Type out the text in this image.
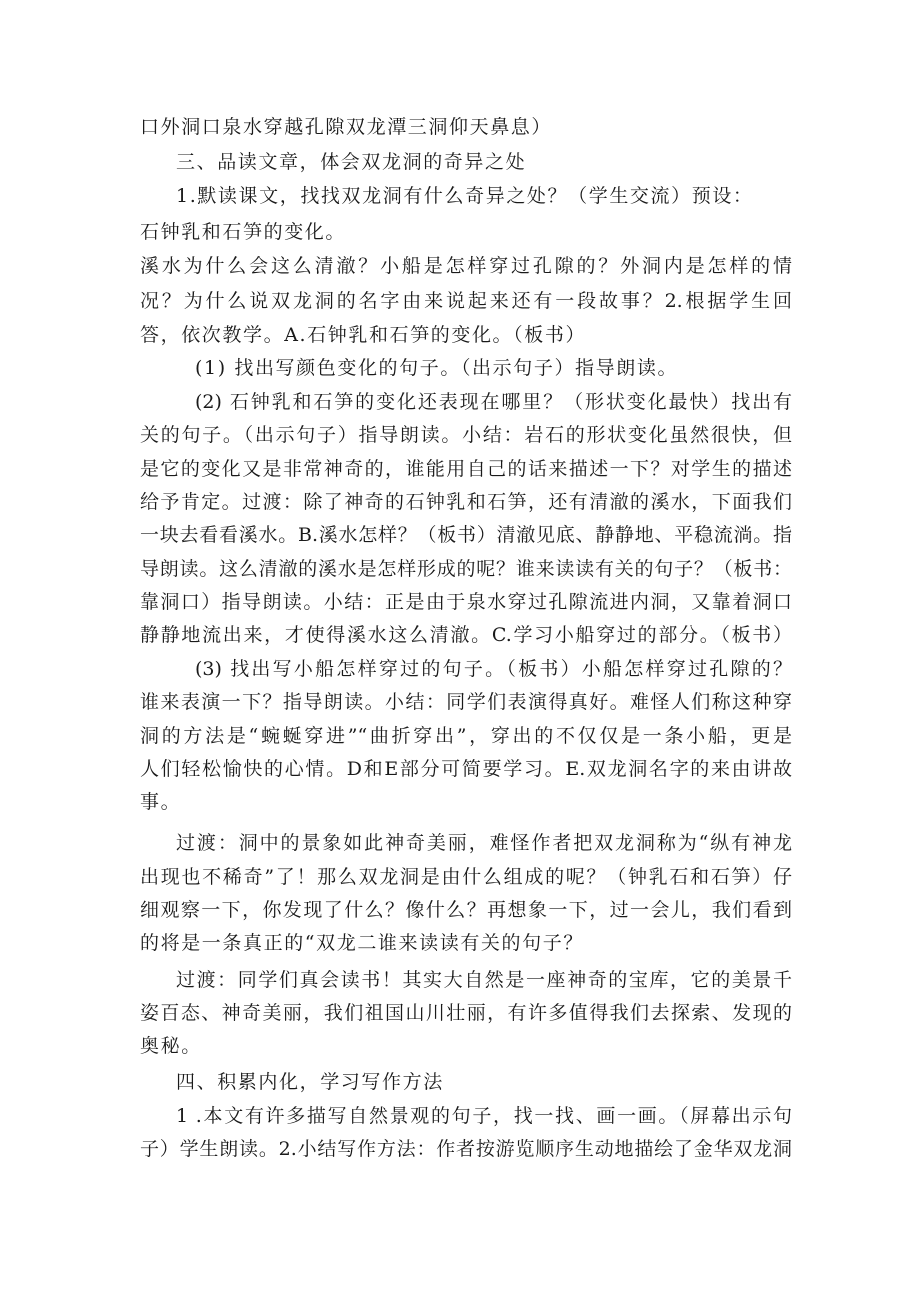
口外洞口泉水穿越孔隙双龙潭三洞仰天鼻息）
三、品读文章，体会双龙洞的奇异之处
1.默读课文，找找双龙洞有什么奇异之处？（学生交流）预设：
石钟乳和石笋的变化。
溪水为什么会这么清澈？小船是怎样穿过孔隙的？外洞内是怎样的情
况？为什么说双龙洞的名字由来说起来还有一段故事？2.根据学生回
答，依次教学。A.石钟乳和石笋的变化。（板书）
(1) 找出写颜色变化的句子。（出示句子）指导朗读。
(2) 石钟乳和石笋的变化还表现在哪里？（形状变化最快）找出有
关的句子。（出示句子）指导朗读。小结：岩石的形状变化虽然很快，但
是它的变化又是非常神奇的，谁能用自己的话来描述一下？对学生的描述
给予肯定。过渡：除了神奇的石钟乳和石笋，还有清澈的溪水，下面我们
一块去看看溪水。B.溪水怎样？（板书）清澈见底、静静地、平稳流淌。指
导朗读。这么清澈的溪水是怎样形成的呢？谁来读读有关的句子？（板书：
靠洞口）指导朗读。小结：正是由于泉水穿过孔隙流进内洞，又靠着洞口
静静地流出来，才使得溪水这么清澈。C.学习小船穿过的部分。（板书）
(3) 找出写小船怎样穿过的句子。（板书）小船怎样穿过孔隙的？
谁来表演一下？指导朗读。小结：同学们表演得真好。难怪人们称这种穿
洞的方法是“蜿蜒穿进”“曲折穿出”，穿出的不仅仅是一条小船，更是
人们轻松愉快的心情。D和E部分可简要学习。E.双龙洞名字的来由讲故
事。
过渡：洞中的景象如此神奇美丽，难怪作者把双龙洞称为“纵有神龙
出现也不稀奇”了！那么双龙洞是由什么组成的呢？（钟乳石和石笋）仔
细观察一下，你发现了什么？像什么？再想象一下，过一会儿，我们看到
的将是一条真正的“双龙二谁来读读有关的句子？
过渡：同学们真会读书！其实大自然是一座神奇的宝库，它的美景千
姿百态、神奇美丽，我们祖国山川壮丽，有许多值得我们去探索、发现的
奥秘。
四、积累内化，学习写作方法
1 .本文有许多描写自然景观的句子，找一找、画一画。（屏幕出示句
子）学生朗读。2.小结写作方法：作者按游览顺序生动地描绘了金华双龙洞
